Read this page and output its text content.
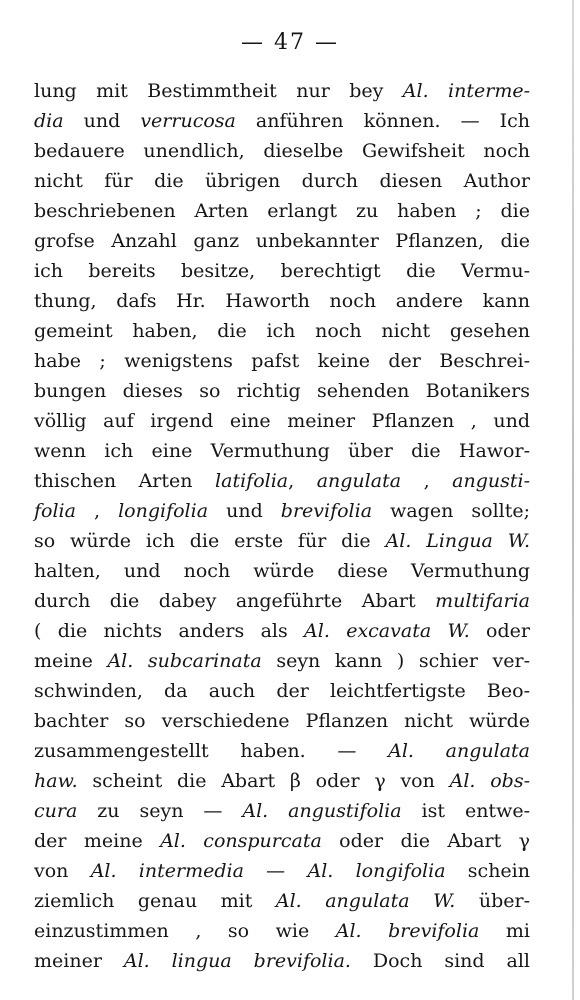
— 47 —
lung mit Bestimmtheit nur bey Al. interme-
dia und verrucosa anführen können. — Ich
bedauere unendlich, dieselbe Gewifsheit noch
nicht für die übrigen durch diesen Author
beschriebenen Arten erlangt zu haben ; die
grofse Anzahl ganz unbekannter Pflanzen, die
ich bereits besitze, berechtigt die Vermu-
thung, dafs Hr. Haworth noch andere kann
gemeint haben, die ich noch nicht gesehen
habe ; wenigstens pafst keine der Beschrei-
bungen dieses so richtig sehenden Botanikers
völlig auf irgend eine meiner Pflanzen , und
wenn ich eine Vermuthung über die Hawor-
thischen Arten latifolia, angulata , angusti-
folia , longifolia und brevifolia wagen sollte;
so würde ich die erste für die Al. Lingua W.
halten, und noch würde diese Vermuthung
durch die dabey angeführte Abart multifaria
( die nichts anders als Al. excavata W. oder
meine Al. subcarinata seyn kann ) schier ver-
schwinden, da auch der leichtfertigste Beo-
bachter so verschiedene Pflanzen nicht würde
zusammengestellt haben. — Al. angulata
haw. scheint die Abart β oder γ von Al. obs-
cura zu seyn — Al. angustifolia ist entwe-
der meine Al. conspurcata oder die Abart γ
von Al. intermedia — Al. longifolia schein
ziemlich genau mit Al. angulata W. über-
einzustimmen , so wie Al. brevifolia mi
meiner Al. lingua brevifolia. Doch sind all
